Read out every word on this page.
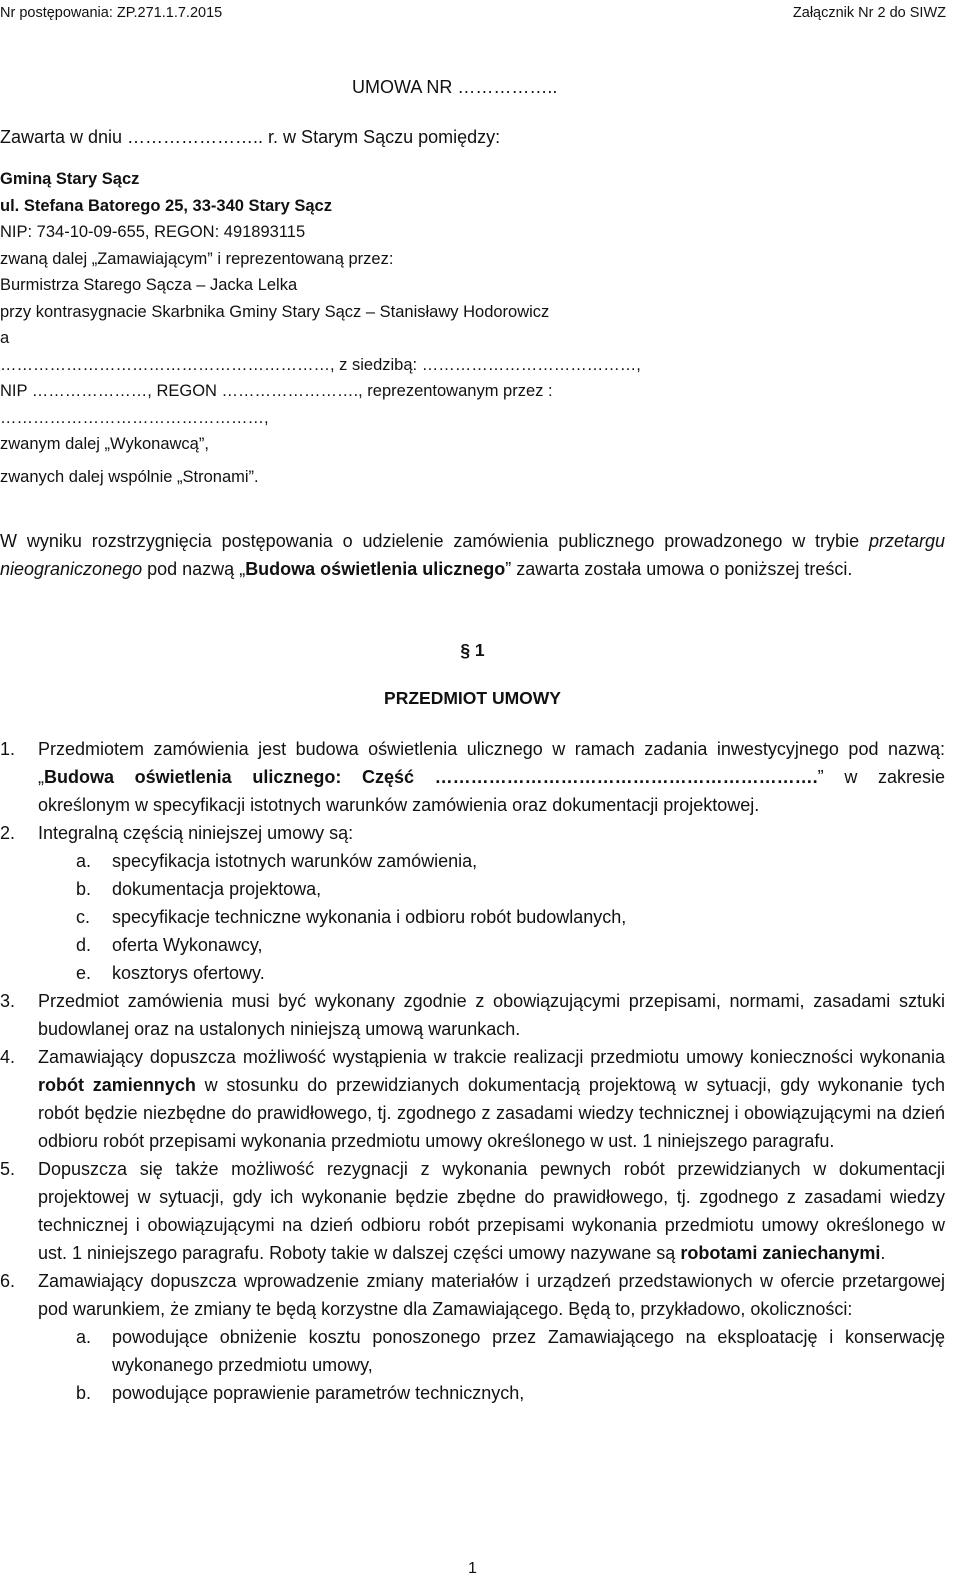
Nr postępowania: ZP.271.1.7.2015	Załącznik Nr 2 do SIWZ
UMOWA NR ……………..
Zawarta w dniu ………………….. r. w Starym Sączu pomiędzy:
Gminą Stary Sącz
ul. Stefana Batorego 25, 33-340 Stary Sącz
NIP: 734-10-09-655, REGON: 491893115
zwaną dalej „Zamawiającym” i reprezentowaną przez:
Burmistrza Starego Sącza – Jacka Lelka
przy kontrasygnacie Skarbnika Gminy Stary Sącz – Stanisławy Hodorowicz
a
……………………………………………………, z siedzibą: …………………………………,
NIP …………………, REGON ……………………., reprezentowanym przez :
…………………………………………,
zwanym dalej „Wykonawcą”,
zwanych dalej wspólnie „Stronami”.
W wyniku rozstrzygnięcia postępowania o udzielenie zamówienia publicznego prowadzonego w trybie przetargu nieograniczonego pod nazwą „Budowa oświetlenia ulicznego” zawarta została umowa o poniższej treści.
§ 1
PRZEDMIOT UMOWY
1. Przedmiotem zamówienia jest budowa oświetlenia ulicznego w ramach zadania inwestycyjnego pod nazwą: „Budowa oświetlenia ulicznego: Część ……………………………………………………….” w zakresie określonym w specyfikacji istotnych warunków zamówienia oraz dokumentacji projektowej.
2. Integralną częścią niniejszej umowy są:
a. specyfikacja istotnych warunków zamówienia,
b. dokumentacja projektowa,
c. specyfikacje techniczne wykonania i odbioru robót budowlanych,
d. oferta Wykonawcy,
e. kosztorys ofertowy.
3. Przedmiot zamówienia musi być wykonany zgodnie z obowiązującymi przepisami, normami, zasadami sztuki budowlanej oraz na ustalonych niniejszą umową warunkach.
4. Zamawiający dopuszcza możliwość wystąpienia w trakcie realizacji przedmiotu umowy konieczności wykonania robót zamiennych w stosunku do przewidzianych dokumentacją projektową w sytuacji, gdy wykonanie tych robót będzie niezbędne do prawidłowego, tj. zgodnego z zasadami wiedzy technicznej i obowiązującymi na dzień odbioru robót przepisami wykonania przedmiotu umowy określonego w ust. 1 niniejszego paragrafu.
5. Dopuszcza się także możliwość rezygnacji z wykonania pewnych robót przewidzianych w dokumentacji projektowej w sytuacji, gdy ich wykonanie będzie zbędne do prawidłowego, tj. zgodnego z zasadami wiedzy technicznej i obowiązującymi na dzień odbioru robót przepisami wykonania przedmiotu umowy określonego w ust. 1 niniejszego paragrafu. Roboty takie w dalszej części umowy nazywane są robotami zaniechanymi.
6. Zamawiający dopuszcza wprowadzenie zmiany materiałów i urządzeń przedstawionych w ofercie przetargowej pod warunkiem, że zmiany te będą korzystne dla Zamawiającego. Będą to, przykładowo, okoliczności:
a. powodujące obniżenie kosztu ponoszonego przez Zamawiającego na eksploatację i konserwację wykonanego przedmiotu umowy,
b. powodujące poprawienie parametrów technicznych,
1
